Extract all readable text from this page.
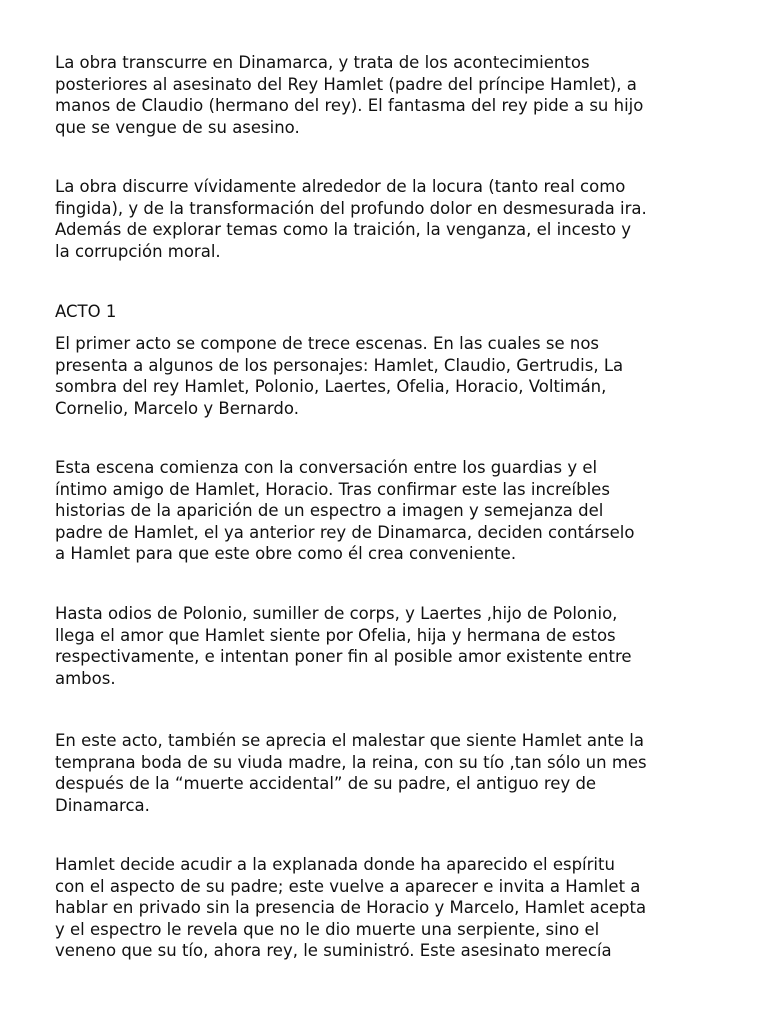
La obra transcurre en Dinamarca, y trata de los acontecimientos
posteriores al asesinato del Rey Hamlet (padre del príncipe Hamlet), a
manos de Claudio (hermano del rey). El fantasma del rey pide a su hijo
que se vengue de su asesino.
La obra discurre vívidamente alrededor de la locura (tanto real como
fingida), y de la transformación del profundo dolor en desmesurada ira.
Además de explorar temas como la traición, la venganza, el incesto y
la corrupción moral.
ACTO 1
El primer acto se compone de trece escenas. En las cuales se nos
presenta a algunos de los personajes: Hamlet, Claudio, Gertrudis, La
sombra del rey Hamlet, Polonio, Laertes, Ofelia, Horacio, Voltimán,
Cornelio, Marcelo y Bernardo.
Esta escena comienza con la conversación entre los guardias y el
íntimo amigo de Hamlet, Horacio. Tras confirmar este las increíbles
historias de la aparición de un espectro a imagen y semejanza del
padre de Hamlet, el ya anterior rey de Dinamarca, deciden contárselo
a Hamlet para que este obre como él crea conveniente.
Hasta odios de Polonio, sumiller de corps, y Laertes ,hijo de Polonio,
llega el amor que Hamlet siente por Ofelia, hija y hermana de estos
respectivamente, e intentan poner fin al posible amor existente entre
ambos.
En este acto, también se aprecia el malestar que siente Hamlet ante la
temprana boda de su viuda madre, la reina, con su tío ,tan sólo un mes
después de la “muerte accidental” de su padre, el antiguo rey de
Dinamarca.
Hamlet decide acudir a la explanada donde ha aparecido el espíritu
con el aspecto de su padre; este vuelve a aparecer e invita a Hamlet a
hablar en privado sin la presencia de Horacio y Marcelo, Hamlet acepta
y el espectro le revela que no le dio muerte una serpiente, sino el
veneno que su tío, ahora rey, le suministró. Este asesinato merecía
